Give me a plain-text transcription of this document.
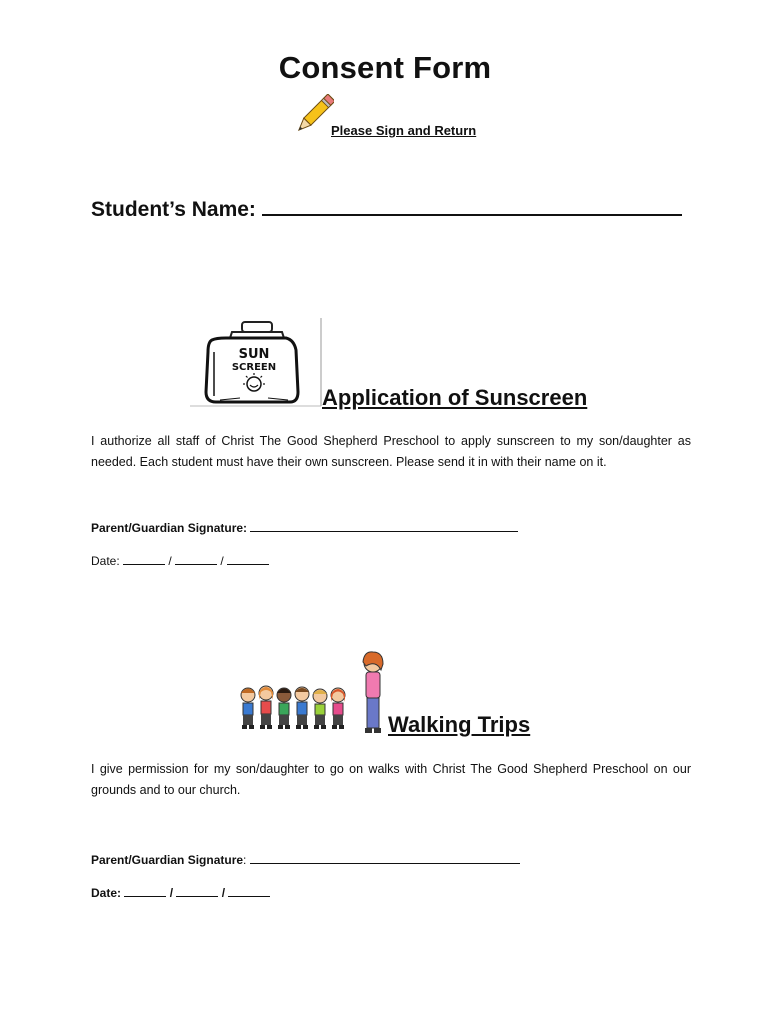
Consent Form
Please Sign and Return
Student’s Name:
SUN
SCREEN
Application of Sunscreen
I authorize all staff of Christ The Good Shepherd Preschool to apply sunscreen to my son/daughter as needed. Each student must have their own sunscreen. Please send it in with their name on it.
Parent/Guardian Signature:
Date:	/	/
Walking Trips
I give permission for my son/daughter to go on walks with Christ The Good Shepherd Preschool on our grounds and to our church.
Parent/Guardian Signature:
Date:	/	/
